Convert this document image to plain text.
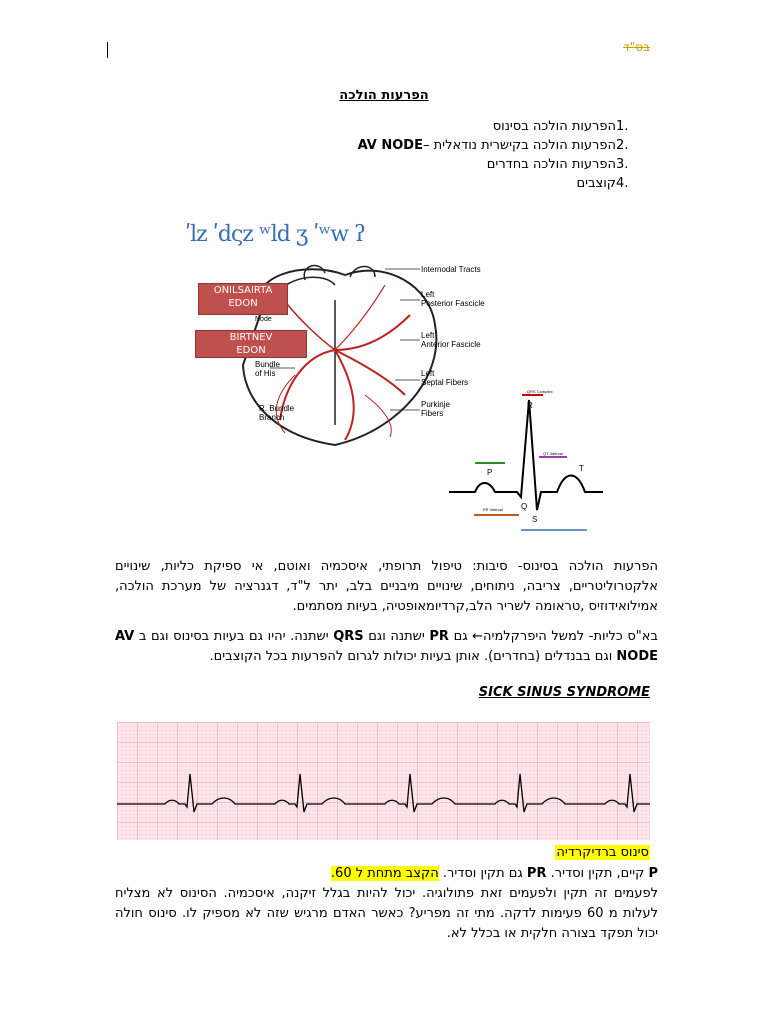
בס"ד
הפרעות הולכה
1.
הפרעות הולכה בסינוס
2.
הפרעות הולכה בקישרית נודאלית –
AV NODE
3.
הפרעות הולכה בחדרים
4.
קוצבים
ʹlz ʹdςz ʷld ʒ ʹʷw ʔ
Internodal Tracts
Left Posterior Fascicle
Left Anterior Fascicle
Left Septal Fibers
Purkinje Fibers
Node
Bundle of His
R. Bundle Branch
ONILSAIRTA
EDON
BIRTNEV
EDON
QRS Complex
PR Interval
QT Interval
R
P
Q
S
T
הפרעות הולכה בסינוס- סיבות: טיפול תרופתי, איסכמיה ואוטם, אי ספיקת כליות, שינויים אלקטרוליטריים, צריבה, ניתוחים, שינויים מיבניים בלב, יתר ל"ד, דגנרציה של מערכת הולכה, אמילואידוזיס ,טראומה לשריר הלב,קרדיומאופטיה, בעיות מסתמים.
בא"ס כליות- למשל היפרקלמיה← גם PR ישתנה וגם QRS ישתנה. יהיו גם בעיות בסינוס וגם ב AV NODE וגם בבנדלים (בחדרים). אותן בעיות יכולות לגרום להפרעות בכל הקוצבים.
SICK SINUS SYNDROME
סינוס ברדיקרדיה
P קיים, תקין וסדיר. PR גם תקין וסדיר. הקצב מתחת ל 60.
לפעמים זה תקין ולפעמים זאת פתולוגיה. יכול להיות בגלל זיקנה, איסכמיה. הסינוס לא מצליח לעלות מ 60 פעימות לדקה. מתי זה מפריע? כאשר האדם מרגיש שזה לא מספיק לו. סינוס חולה יכול תפקד בצורה חלקית או בכלל לא.
